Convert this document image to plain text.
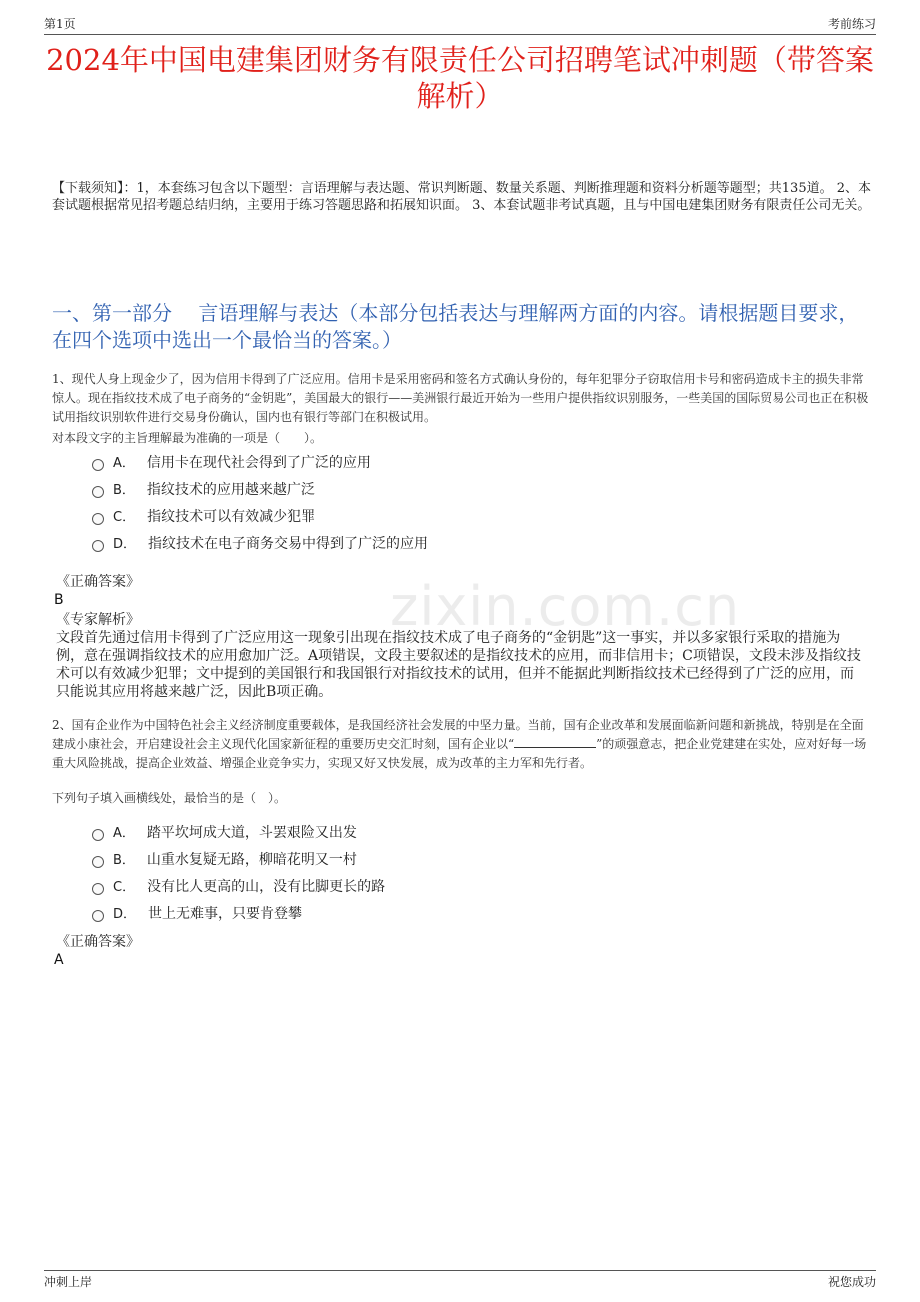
第1页	考前练习
2024年中国电建集团财务有限责任公司招聘笔试冲刺题（带答案解析）
【下载须知】：1，本套练习包含以下题型：言语理解与表达题、常识判断题、数量关系题、判断推理题和资料分析题等题型；共135道。 2、本套试题根据常见招考题总结归纳，主要用于练习答题思路和拓展知识面。 3、本套试题非考试真题，且与中国电建集团财务有限责任公司无关。
一、第一部分　 言语理解与表达（本部分包括表达与理解两方面的内容。请根据题目要求，在四个选项中选出一个最恰当的答案。）
1、现代人身上现金少了，因为信用卡得到了广泛应用。信用卡是采用密码和签名方式确认身份的，每年犯罪分子窃取信用卡号和密码造成卡主的损失非常惊人。现在指纹技术成了电子商务的“金钥匙”，美国最大的银行——美洲银行最近开始为一些用户提供指纹识别服务，一些美国的国际贸易公司也正在积极试用指纹识别软件进行交易身份确认，国内也有银行等部门在积极试用。
对本段文字的主旨理解最为准确的一项是（　　）。
A． 信用卡在现代社会得到了广泛的应用
B． 指纹技术的应用越来越广泛
C． 指纹技术可以有效减少犯罪
D． 指纹技术在电子商务交易中得到了广泛的应用
《正确答案》
B
《专家解析》
文段首先通过信用卡得到了广泛应用这一现象引出现在指纹技术成了电子商务的“金钥匙”这一事实，并以多家银行采取的措施为例，意在强调指纹技术的应用愈加广泛。A项错误，文段主要叙述的是指纹技术的应用，而非信用卡；C项错误，文段未涉及指纹技术可以有效减少犯罪；文中提到的美国银行和我国银行对指纹技术的试用，但并不能据此判断指纹技术已经得到了广泛的应用，而只能说其应用将越来越广泛，因此B项正确。
2、国有企业作为中国特色社会主义经济制度重要载体，是我国经济社会发展的中坚力量。当前，国有企业改革和发展面临新问题和新挑战，特别是在全面建成小康社会，开启建设社会主义现代化国家新征程的重要历史交汇时刻，国有企业以“	”的顽强意志，把企业党建建在实处，应对好每一场重大风险挑战，提高企业效益、增强企业竞争实力，实现又好又快发展，成为改革的主力军和先行者。
下列句子填入画横线处，最恰当的是（　）。
A． 踏平坎坷成大道，斗罢艰险又出发
B． 山重水复疑无路，柳暗花明又一村
C． 没有比人更高的山，没有比脚更长的路
D． 世上无难事，只要肯登攀
《正确答案》
A
zixin.com.cn
冲刺上岸	祝您成功
